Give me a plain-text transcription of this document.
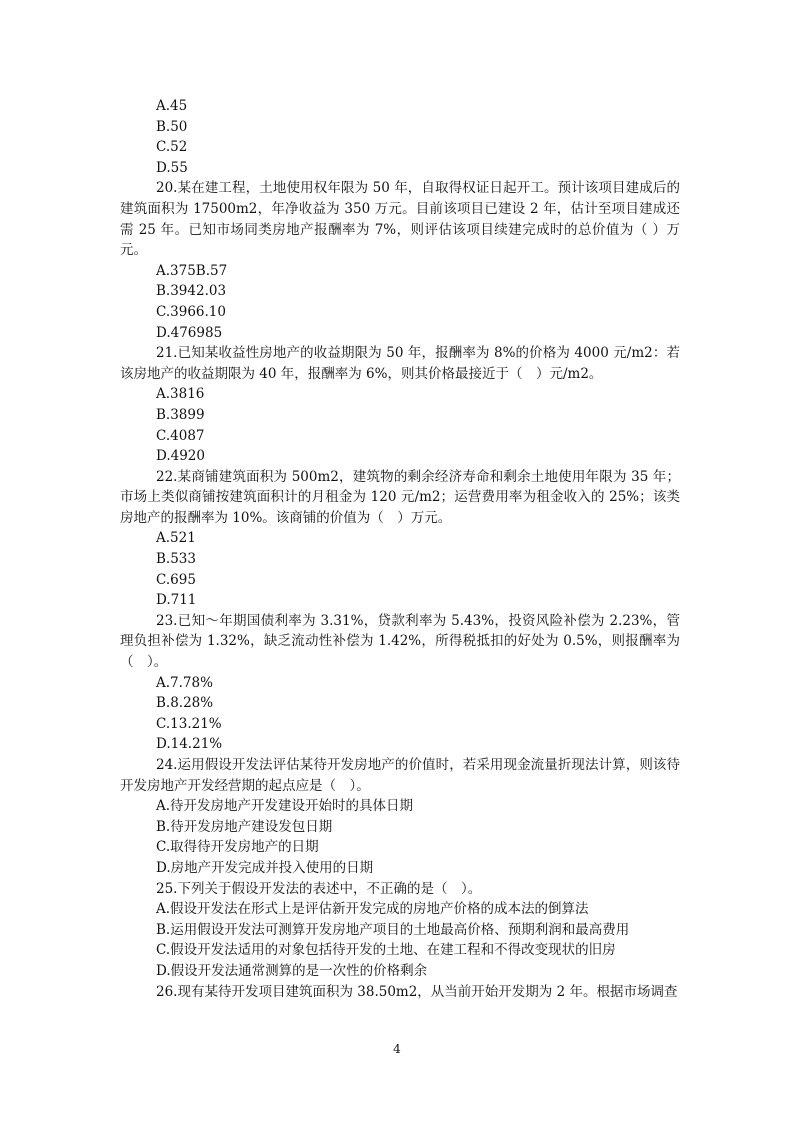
A.45

B.50

C.52

D.55

20.某在建工程，土地使用权年限为 50 年，自取得权证日起开工。预计该项目建成后的建筑面积为 17500m2，年净收益为 350 万元。目前该项目已建设 2 年，估计至项目建成还需 25 年。已知市场同类房地产报酬率为 7%，则评估该项目续建完成时的总价值为（ ）万元。

A.375B.57

B.3942.03

C.3966.10

D.476985

21.已知某收益性房地产的收益期限为 50 年，报酬率为 8%的价格为 4000 元/m2：若该房地产的收益期限为 40 年，报酬率为 6%，则其价格最接近于（　）元/m2。

A.3816

B.3899

C.4087

D.4920

22.某商铺建筑面积为 500m2，建筑物的剩余经济寿命和剩余土地使用年限为 35 年；市场上类似商铺按建筑面积计的月租金为 120 元/m2；运营费用率为租金收入的 25%；该类房地产的报酬率为 10%。该商铺的价值为（　）万元。

A.521

B.533

C.695

D.711

23.已知～年期国债利率为 3.31%，贷款利率为 5.43%，投资风险补偿为 2.23%，管理负担补偿为 1.32%，缺乏流动性补偿为 1.42%，所得税抵扣的好处为 0.5%，则报酬率为（　）。

A.7.78%

B.8.28%

C.13.21%

D.14.21%

24.运用假设开发法评估某待开发房地产的价值时，若采用现金流量折现法计算，则该待开发房地产开发经营期的起点应是（　）。

A.待开发房地产开发建设开始时的具体日期

B.待开发房地产建设发包日期

C.取得待开发房地产的日期

D.房地产开发完成并投入使用的日期

25.下列关于假设开发法的表述中，不正确的是（　）。

A.假设开发法在形式上是评估新开发完成的房地产价格的成本法的倒算法

B.运用假设开发法可测算开发房地产项目的土地最高价格、预期利润和最高费用

C.假设开发法适用的对象包括待开发的土地、在建工程和不得改变现状的旧房

D.假设开发法通常测算的是一次性的价格剩余

26.现有某待开发项目建筑面积为 38.50m2，从当前开始开发期为 2 年。根据市场调查

4
